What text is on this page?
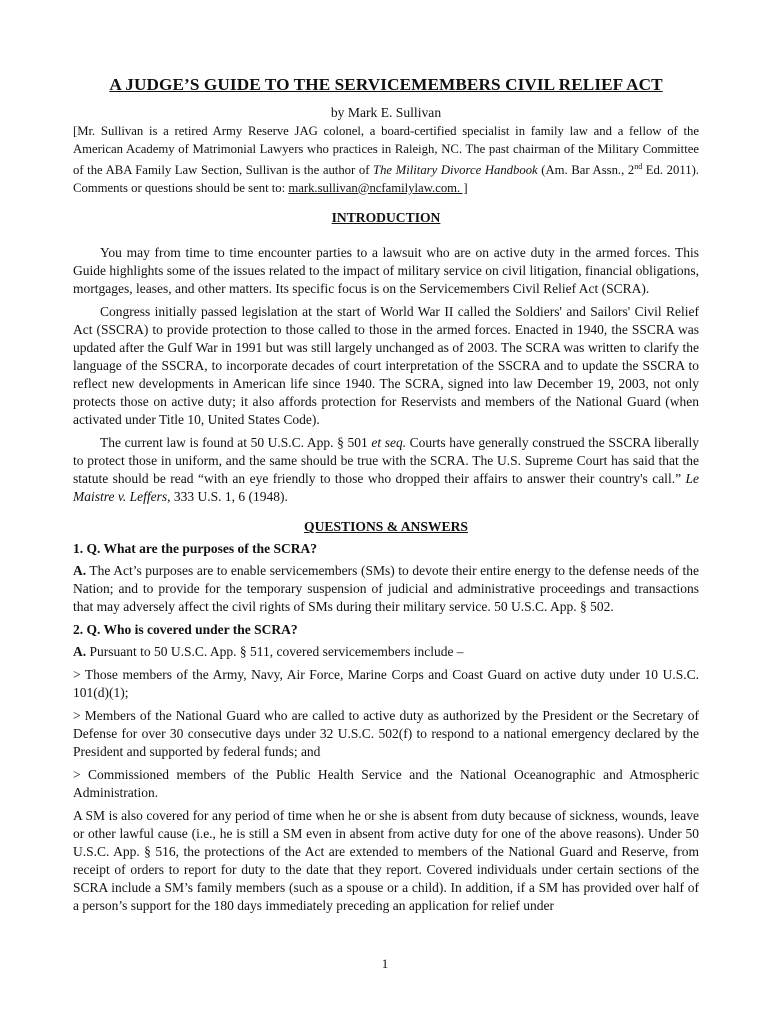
A JUDGE’S GUIDE TO THE SERVICEMEMBERS CIVIL RELIEF ACT
by Mark E. Sullivan
[Mr. Sullivan is a retired Army Reserve JAG colonel, a board-certified specialist in family law and a fellow of the American Academy of Matrimonial Lawyers who practices in Raleigh, NC. The past chairman of the Military Committee of the ABA Family Law Section, Sullivan is the author of The Military Divorce Handbook (Am. Bar Assn., 2nd Ed. 2011). Comments or questions should be sent to: mark.sullivan@ncfamilylaw.com. ]
INTRODUCTION

You may from time to time encounter parties to a lawsuit who are on active duty in the armed forces. This Guide highlights some of the issues related to the impact of military service on civil litigation, financial obligations, mortgages, leases, and other matters. Its specific focus is on the Servicemembers Civil Relief Act (SCRA).

Congress initially passed legislation at the start of World War II called the Soldiers' and Sailors' Civil Relief Act (SSCRA) to provide protection to those called to those in the armed forces. Enacted in 1940, the SSCRA was updated after the Gulf War in 1991 but was still largely unchanged as of 2003. The SCRA was written to clarify the language of the SSCRA, to incorporate decades of court interpretation of the SSCRA and to update the SSCRA to reflect new developments in American life since 1940. The SCRA, signed into law December 19, 2003, not only protects those on active duty; it also affords protection for Reservists and members of the National Guard (when activated under Title 10, United States Code).

The current law is found at 50 U.S.C. App. § 501 et seq. Courts have generally construed the SSCRA liberally to protect those in uniform, and the same should be true with the SCRA. The U.S. Supreme Court has said that the statute should be read “with an eye friendly to those who dropped their affairs to answer their country's call.” Le Maistre v. Leffers, 333 U.S. 1, 6 (1948).

QUESTIONS & ANSWERS

1. Q. What are the purposes of the SCRA?

A. The Act’s purposes are to enable servicemembers (SMs) to devote their entire energy to the defense needs of the Nation; and to provide for the temporary suspension of judicial and administrative proceedings and transactions that may adversely affect the civil rights of SMs during their military service. 50 U.S.C. App. § 502.

2. Q. Who is covered under the SCRA?

A. Pursuant to 50 U.S.C. App. § 511, covered servicemembers include –

> Those members of the Army, Navy, Air Force, Marine Corps and Coast Guard on active duty under 10 U.S.C. 101(d)(1);

> Members of the National Guard who are called to active duty as authorized by the President or the Secretary of Defense for over 30 consecutive days under 32 U.S.C. 502(f) to respond to a national emergency declared by the President and supported by federal funds; and

> Commissioned members of the Public Health Service and the National Oceanographic and Atmospheric Administration.

A SM is also covered for any period of time when he or she is absent from duty because of sickness, wounds, leave or other lawful cause (i.e., he is still a SM even in absent from active duty for one of the above reasons). Under 50 U.S.C. App. § 516, the protections of the Act are extended to members of the National Guard and Reserve, from receipt of orders to report for duty to the date that they report. Covered individuals under certain sections of the SCRA include a SM’s family members (such as a spouse or a child). In addition, if a SM has provided over half of a person’s support for the 180 days immediately preceding an application for relief under

1
